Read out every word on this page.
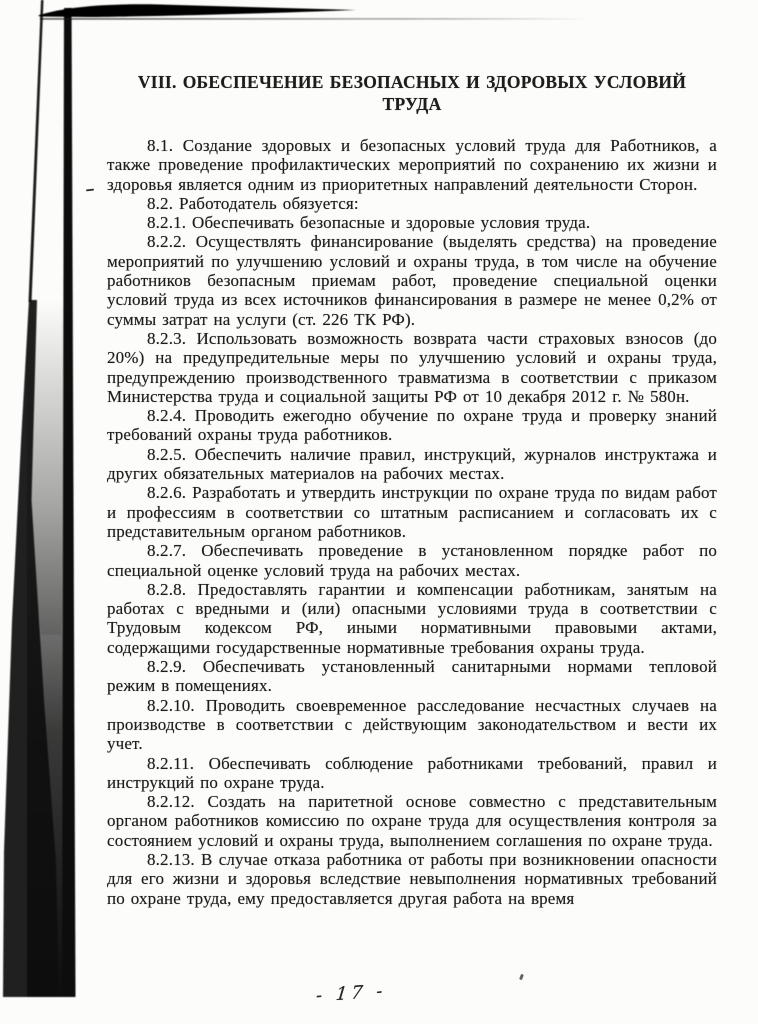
VIII. ОБЕСПЕЧЕНИЕ БЕЗОПАСНЫХ И ЗДОРОВЫХ УСЛОВИЙ
ТРУДА

8.1. Создание здоровых и безопасных условий труда для Работников, а также проведение профилактических мероприятий по сохранению их жизни и здоровья является одним из приоритетных направлений деятельности Сторон.

8.2. Работодатель обязуется:

8.2.1. Обеспечивать безопасные и здоровые условия труда.

8.2.2. Осуществлять финансирование (выделять средства) на проведение мероприятий по улучшению условий и охраны труда, в том числе на обучение работников безопасным приемам работ, проведение специальной оценки условий труда из всех источников финансирования в размере не менее 0,2% от суммы затрат на услуги (ст. 226 ТК РФ).

8.2.3. Использовать возможность возврата части страховых взносов (до 20%) на предупредительные меры по улучшению условий и охраны труда, предупреждению производственного травматизма в соответствии с приказом Министерства труда и социальной защиты РФ от 10 декабря 2012 г. № 580н.

8.2.4. Проводить ежегодно обучение по охране труда и проверку знаний требований охраны труда работников.

8.2.5. Обеспечить наличие правил, инструкций, журналов инструктажа и других обязательных материалов на рабочих местах.

8.2.6. Разработать и утвердить инструкции по охране труда по видам работ и профессиям в соответствии со штатным расписанием и согласовать их с представительным органом работников.

8.2.7. Обеспечивать проведение в установленном порядке работ по специальной оценке условий труда на рабочих местах.

8.2.8. Предоставлять гарантии и компенсации работникам, занятым на работах с вредными и (или) опасными условиями труда в соответствии с Трудовым кодексом РФ, иными нормативными правовыми актами, содержащими государственные нормативные требования охраны труда.

8.2.9. Обеспечивать установленный санитарными нормами тепловой режим в помещениях.

8.2.10. Проводить своевременное расследование несчастных случаев на производстве в соответствии с действующим законодательством и вести их учет.

8.2.11. Обеспечивать соблюдение работниками требований, правил и инструкций по охране труда.

8.2.12. Создать на паритетной основе совместно с представительным органом работников комиссию по охране труда для осуществления контроля за состоянием условий и охраны труда, выполнением соглашения по охране труда.

8.2.13. В случае отказа работника от работы при возникновении опасности для его жизни и здоровья вследствие невыполнения нормативных требований по охране труда, ему предоставляется другая работа на время

- 17 -
